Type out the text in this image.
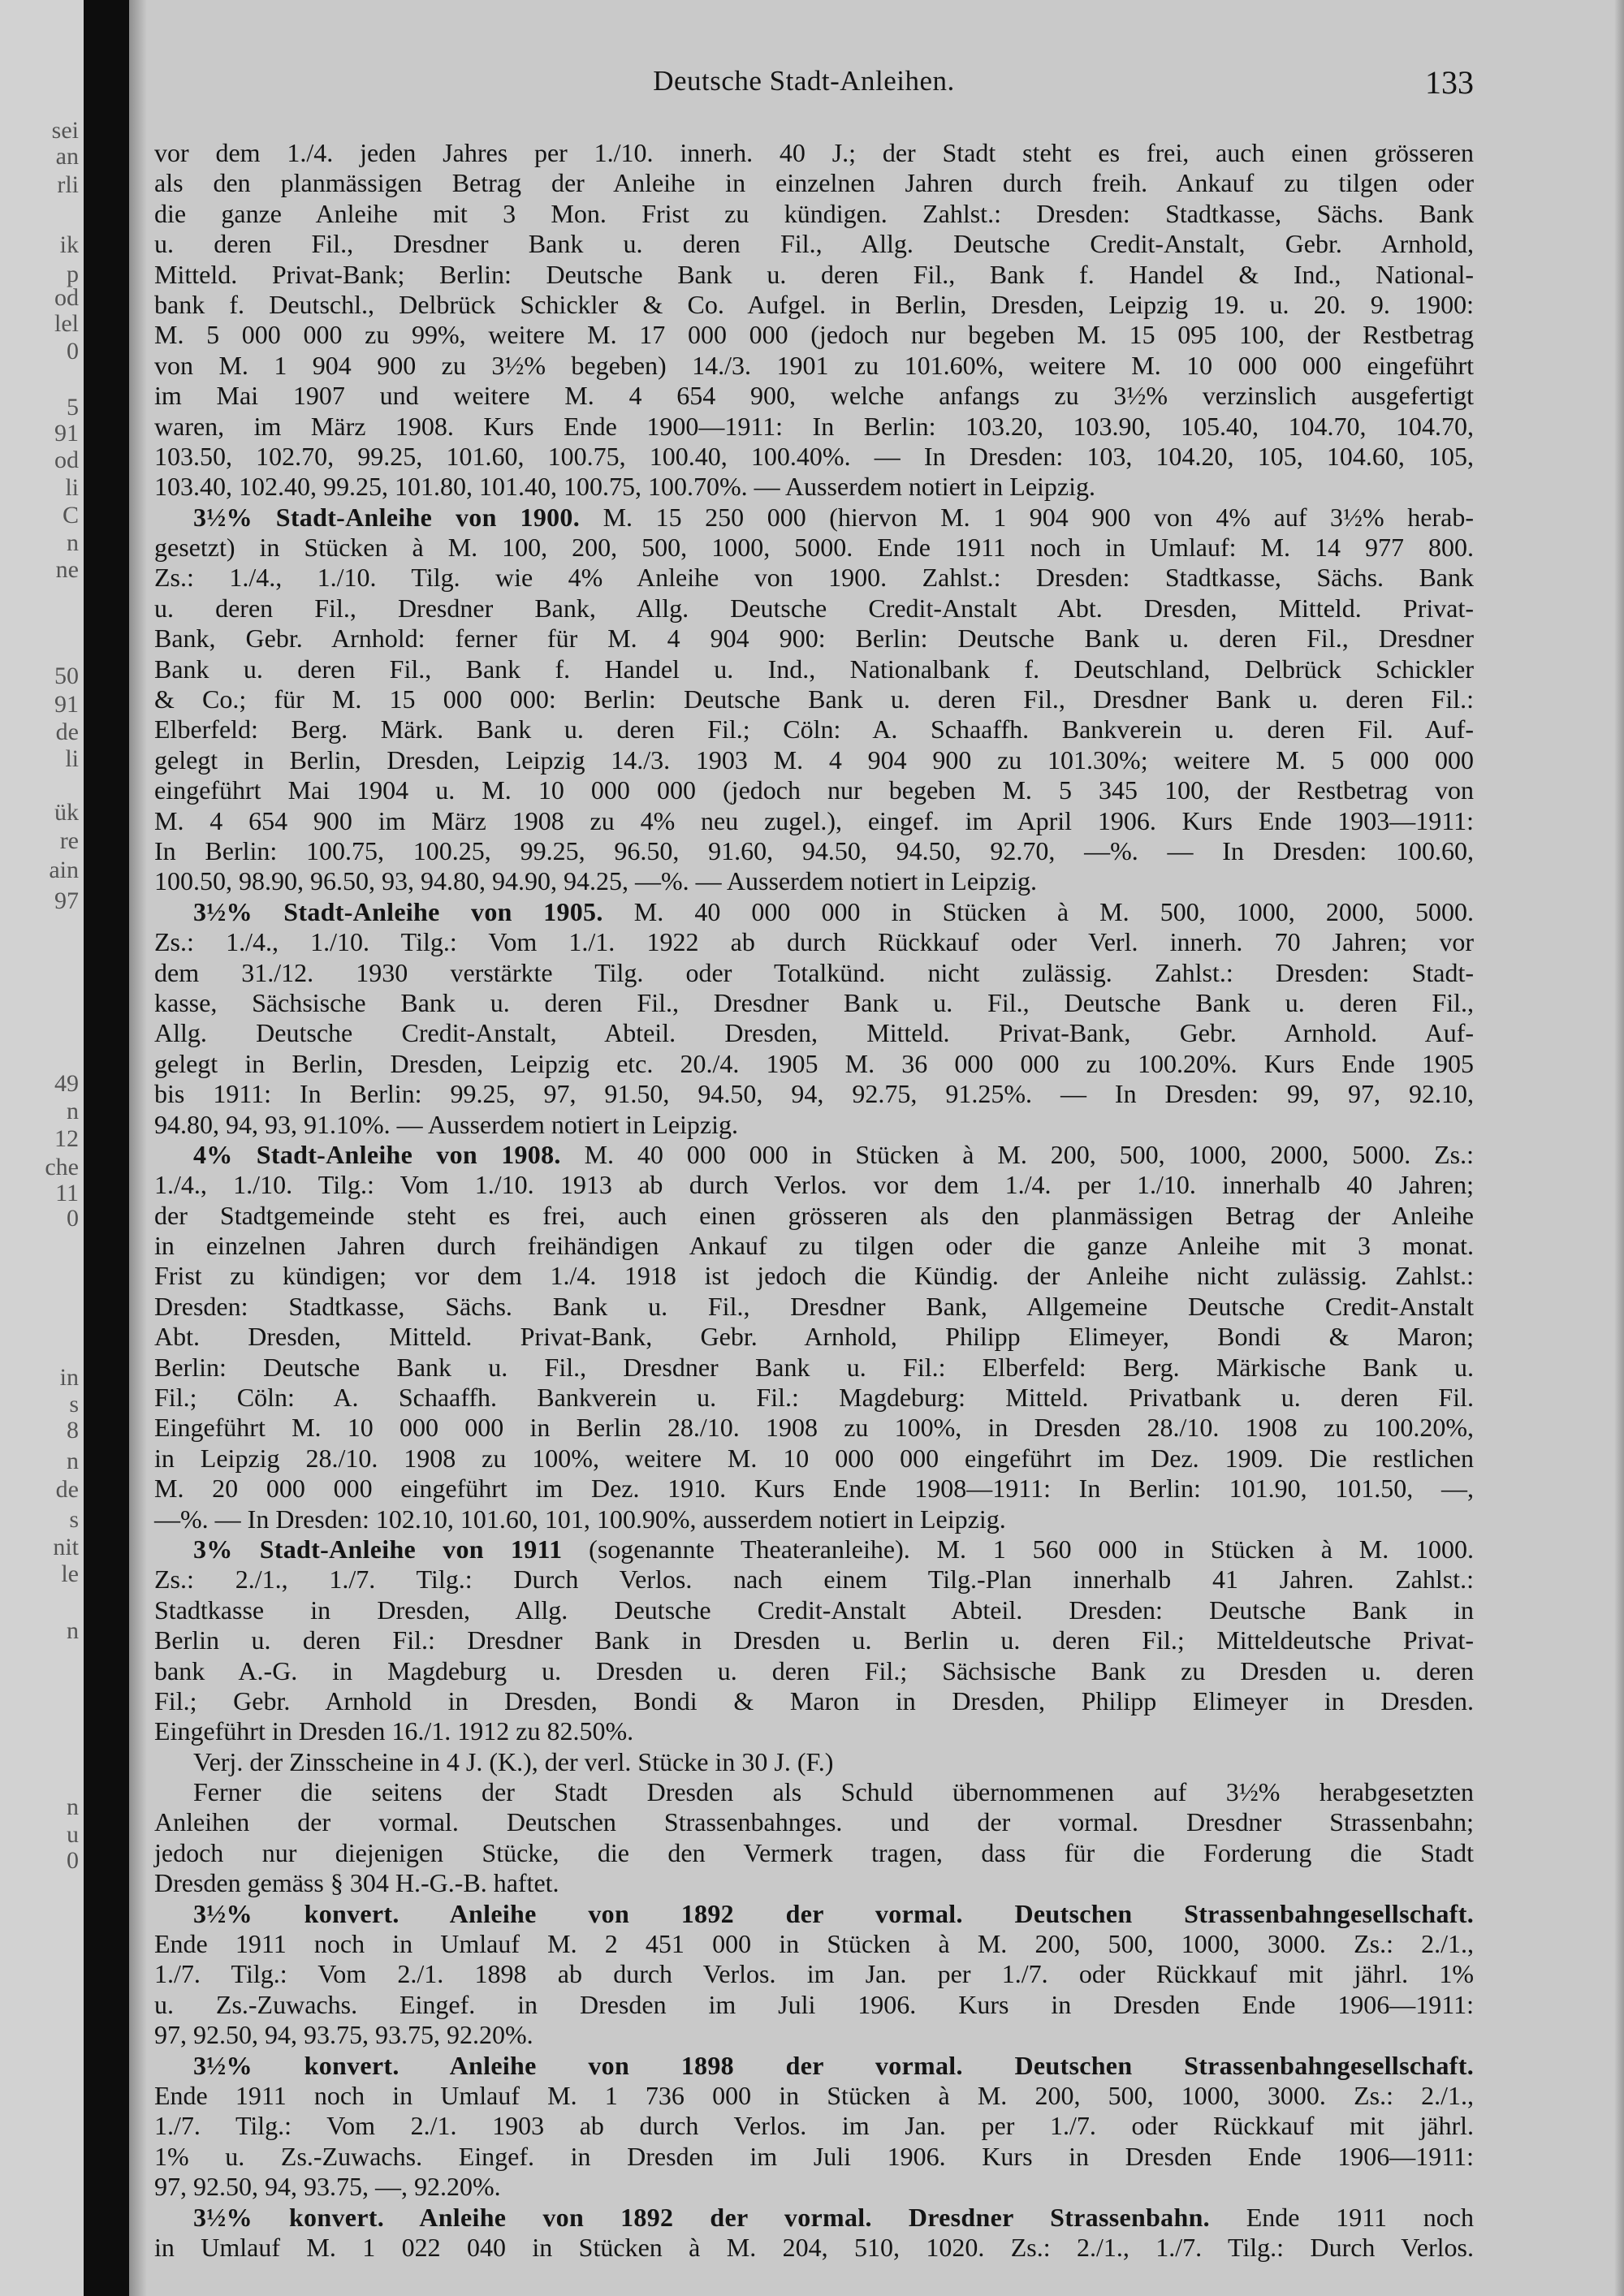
sei
an
rli
ik
p
od
lel
0
5
91
od
li
C
n
ne
50
91
de
li
ük
re
ain
97
49
n
12
che
11
0
in
s
8
n
de
s
nit
le
n
n
u
0
Deutsche Stadt-Anleihen.	133
vor dem 1./4. jeden Jahres per 1./10. innerh. 40 J.; der Stadt steht es frei, auch einen grösseren
als den planmässigen Betrag der Anleihe in einzelnen Jahren durch freih. Ankauf zu tilgen oder
die ganze Anleihe mit 3 Mon. Frist zu kündigen. Zahlst.: Dresden: Stadtkasse, Sächs. Bank
u. deren Fil., Dresdner Bank u. deren Fil., Allg. Deutsche Credit-Anstalt, Gebr. Arnhold,
Mitteld. Privat-Bank; Berlin: Deutsche Bank u. deren Fil., Bank f. Handel & Ind., National-
bank f. Deutschl., Delbrück Schickler & Co. Aufgel. in Berlin, Dresden, Leipzig 19. u. 20. 9. 1900:
M. 5 000 000 zu 99%, weitere M. 17 000 000 (jedoch nur begeben M. 15 095 100, der Restbetrag
von M. 1 904 900 zu 3½% begeben) 14./3. 1901 zu 101.60%, weitere M. 10 000 000 eingeführt
im Mai 1907 und weitere M. 4 654 900, welche anfangs zu 3½% verzinslich ausgefertigt
waren, im März 1908. Kurs Ende 1900—1911: In Berlin: 103.20, 103.90, 105.40, 104.70, 104.70,
103.50, 102.70, 99.25, 101.60, 100.75, 100.40, 100.40%. — In Dresden: 103, 104.20, 105, 104.60, 105,
103.40, 102.40, 99.25, 101.80, 101.40, 100.75, 100.70%. — Ausserdem notiert in Leipzig.
3½% Stadt-Anleihe von 1900. M. 15 250 000 (hiervon M. 1 904 900 von 4% auf 3½% herab-
gesetzt) in Stücken à M. 100, 200, 500, 1000, 5000. Ende 1911 noch in Umlauf: M. 14 977 800.
Zs.: 1./4., 1./10. Tilg. wie 4% Anleihe von 1900. Zahlst.: Dresden: Stadtkasse, Sächs. Bank
u. deren Fil., Dresdner Bank, Allg. Deutsche Credit-Anstalt Abt. Dresden, Mitteld. Privat-
Bank, Gebr. Arnhold: ferner für M. 4 904 900: Berlin: Deutsche Bank u. deren Fil., Dresdner
Bank u. deren Fil., Bank f. Handel u. Ind., Nationalbank f. Deutschland, Delbrück Schickler
& Co.; für M. 15 000 000: Berlin: Deutsche Bank u. deren Fil., Dresdner Bank u. deren Fil.:
Elberfeld: Berg. Märk. Bank u. deren Fil.; Cöln: A. Schaaffh. Bankverein u. deren Fil. Auf-
gelegt in Berlin, Dresden, Leipzig 14./3. 1903 M. 4 904 900 zu 101.30%; weitere M. 5 000 000
eingeführt Mai 1904 u. M. 10 000 000 (jedoch nur begeben M. 5 345 100, der Restbetrag von
M. 4 654 900 im März 1908 zu 4% neu zugel.), eingef. im April 1906. Kurs Ende 1903—1911:
In Berlin: 100.75, 100.25, 99.25, 96.50, 91.60, 94.50, 94.50, 92.70, —%. — In Dresden: 100.60,
100.50, 98.90, 96.50, 93, 94.80, 94.90, 94.25, —%. — Ausserdem notiert in Leipzig.
3½% Stadt-Anleihe von 1905. M. 40 000 000 in Stücken à M. 500, 1000, 2000, 5000.
Zs.: 1./4., 1./10. Tilg.: Vom 1./1. 1922 ab durch Rückkauf oder Verl. innerh. 70 Jahren; vor
dem 31./12. 1930 verstärkte Tilg. oder Totalkünd. nicht zulässig. Zahlst.: Dresden: Stadt-
kasse, Sächsische Bank u. deren Fil., Dresdner Bank u. Fil., Deutsche Bank u. deren Fil.,
Allg. Deutsche Credit-Anstalt, Abteil. Dresden, Mitteld. Privat-Bank, Gebr. Arnhold. Auf-
gelegt in Berlin, Dresden, Leipzig etc. 20./4. 1905 M. 36 000 000 zu 100.20%. Kurs Ende 1905
bis 1911: In Berlin: 99.25, 97, 91.50, 94.50, 94, 92.75, 91.25%. — In Dresden: 99, 97, 92.10,
94.80, 94, 93, 91.10%. — Ausserdem notiert in Leipzig.
4% Stadt-Anleihe von 1908. M. 40 000 000 in Stücken à M. 200, 500, 1000, 2000, 5000. Zs.:
1./4., 1./10. Tilg.: Vom 1./10. 1913 ab durch Verlos. vor dem 1./4. per 1./10. innerhalb 40 Jahren;
der Stadtgemeinde steht es frei, auch einen grösseren als den planmässigen Betrag der Anleihe
in einzelnen Jahren durch freihändigen Ankauf zu tilgen oder die ganze Anleihe mit 3 monat.
Frist zu kündigen; vor dem 1./4. 1918 ist jedoch die Kündig. der Anleihe nicht zulässig. Zahlst.:
Dresden: Stadtkasse, Sächs. Bank u. Fil., Dresdner Bank, Allgemeine Deutsche Credit-Anstalt
Abt. Dresden, Mitteld. Privat-Bank, Gebr. Arnhold, Philipp Elimeyer, Bondi & Maron;
Berlin: Deutsche Bank u. Fil., Dresdner Bank u. Fil.: Elberfeld: Berg. Märkische Bank u.
Fil.; Cöln: A. Schaaffh. Bankverein u. Fil.: Magdeburg: Mitteld. Privatbank u. deren Fil.
Eingeführt M. 10 000 000 in Berlin 28./10. 1908 zu 100%, in Dresden 28./10. 1908 zu 100.20%,
in Leipzig 28./10. 1908 zu 100%, weitere M. 10 000 000 eingeführt im Dez. 1909. Die restlichen
M. 20 000 000 eingeführt im Dez. 1910. Kurs Ende 1908—1911: In Berlin: 101.90, 101.50, —,
—%. — In Dresden: 102.10, 101.60, 101, 100.90%, ausserdem notiert in Leipzig.
3% Stadt-Anleihe von 1911 (sogenannte Theateranleihe). M. 1 560 000 in Stücken à M. 1000.
Zs.: 2./1., 1./7. Tilg.: Durch Verlos. nach einem Tilg.-Plan innerhalb 41 Jahren. Zahlst.:
Stadtkasse in Dresden, Allg. Deutsche Credit-Anstalt Abteil. Dresden: Deutsche Bank in
Berlin u. deren Fil.: Dresdner Bank in Dresden u. Berlin u. deren Fil.; Mitteldeutsche Privat-
bank A.-G. in Magdeburg u. Dresden u. deren Fil.; Sächsische Bank zu Dresden u. deren
Fil.; Gebr. Arnhold in Dresden, Bondi & Maron in Dresden, Philipp Elimeyer in Dresden.
Eingeführt in Dresden 16./1. 1912 zu 82.50%.
Verj. der Zinsscheine in 4 J. (K.), der verl. Stücke in 30 J. (F.)
Ferner die seitens der Stadt Dresden als Schuld übernommenen auf 3½% herabgesetzten
Anleihen der vormal. Deutschen Strassenbahnges. und der vormal. Dresdner Strassenbahn;
jedoch nur diejenigen Stücke, die den Vermerk tragen, dass für die Forderung die Stadt
Dresden gemäss § 304 H.-G.-B. haftet.
3½% konvert. Anleihe von 1892 der vormal. Deutschen Strassenbahngesellschaft.
Ende 1911 noch in Umlauf M. 2 451 000 in Stücken à M. 200, 500, 1000, 3000. Zs.: 2./1.,
1./7. Tilg.: Vom 2./1. 1898 ab durch Verlos. im Jan. per 1./7. oder Rückkauf mit jährl. 1%
u. Zs.-Zuwachs. Eingef. in Dresden im Juli 1906. Kurs in Dresden Ende 1906—1911:
97, 92.50, 94, 93.75, 93.75, 92.20%.
3½% konvert. Anleihe von 1898 der vormal. Deutschen Strassenbahngesellschaft.
Ende 1911 noch in Umlauf M. 1 736 000 in Stücken à M. 200, 500, 1000, 3000. Zs.: 2./1.,
1./7. Tilg.: Vom 2./1. 1903 ab durch Verlos. im Jan. per 1./7. oder Rückkauf mit jährl.
1% u. Zs.-Zuwachs. Eingef. in Dresden im Juli 1906. Kurs in Dresden Ende 1906—1911:
97, 92.50, 94, 93.75, —, 92.20%.
3½% konvert. Anleihe von 1892 der vormal. Dresdner Strassenbahn. Ende 1911 noch
in Umlauf M. 1 022 040 in Stücken à M. 204, 510, 1020. Zs.: 2./1., 1./7. Tilg.: Durch Verlos.
